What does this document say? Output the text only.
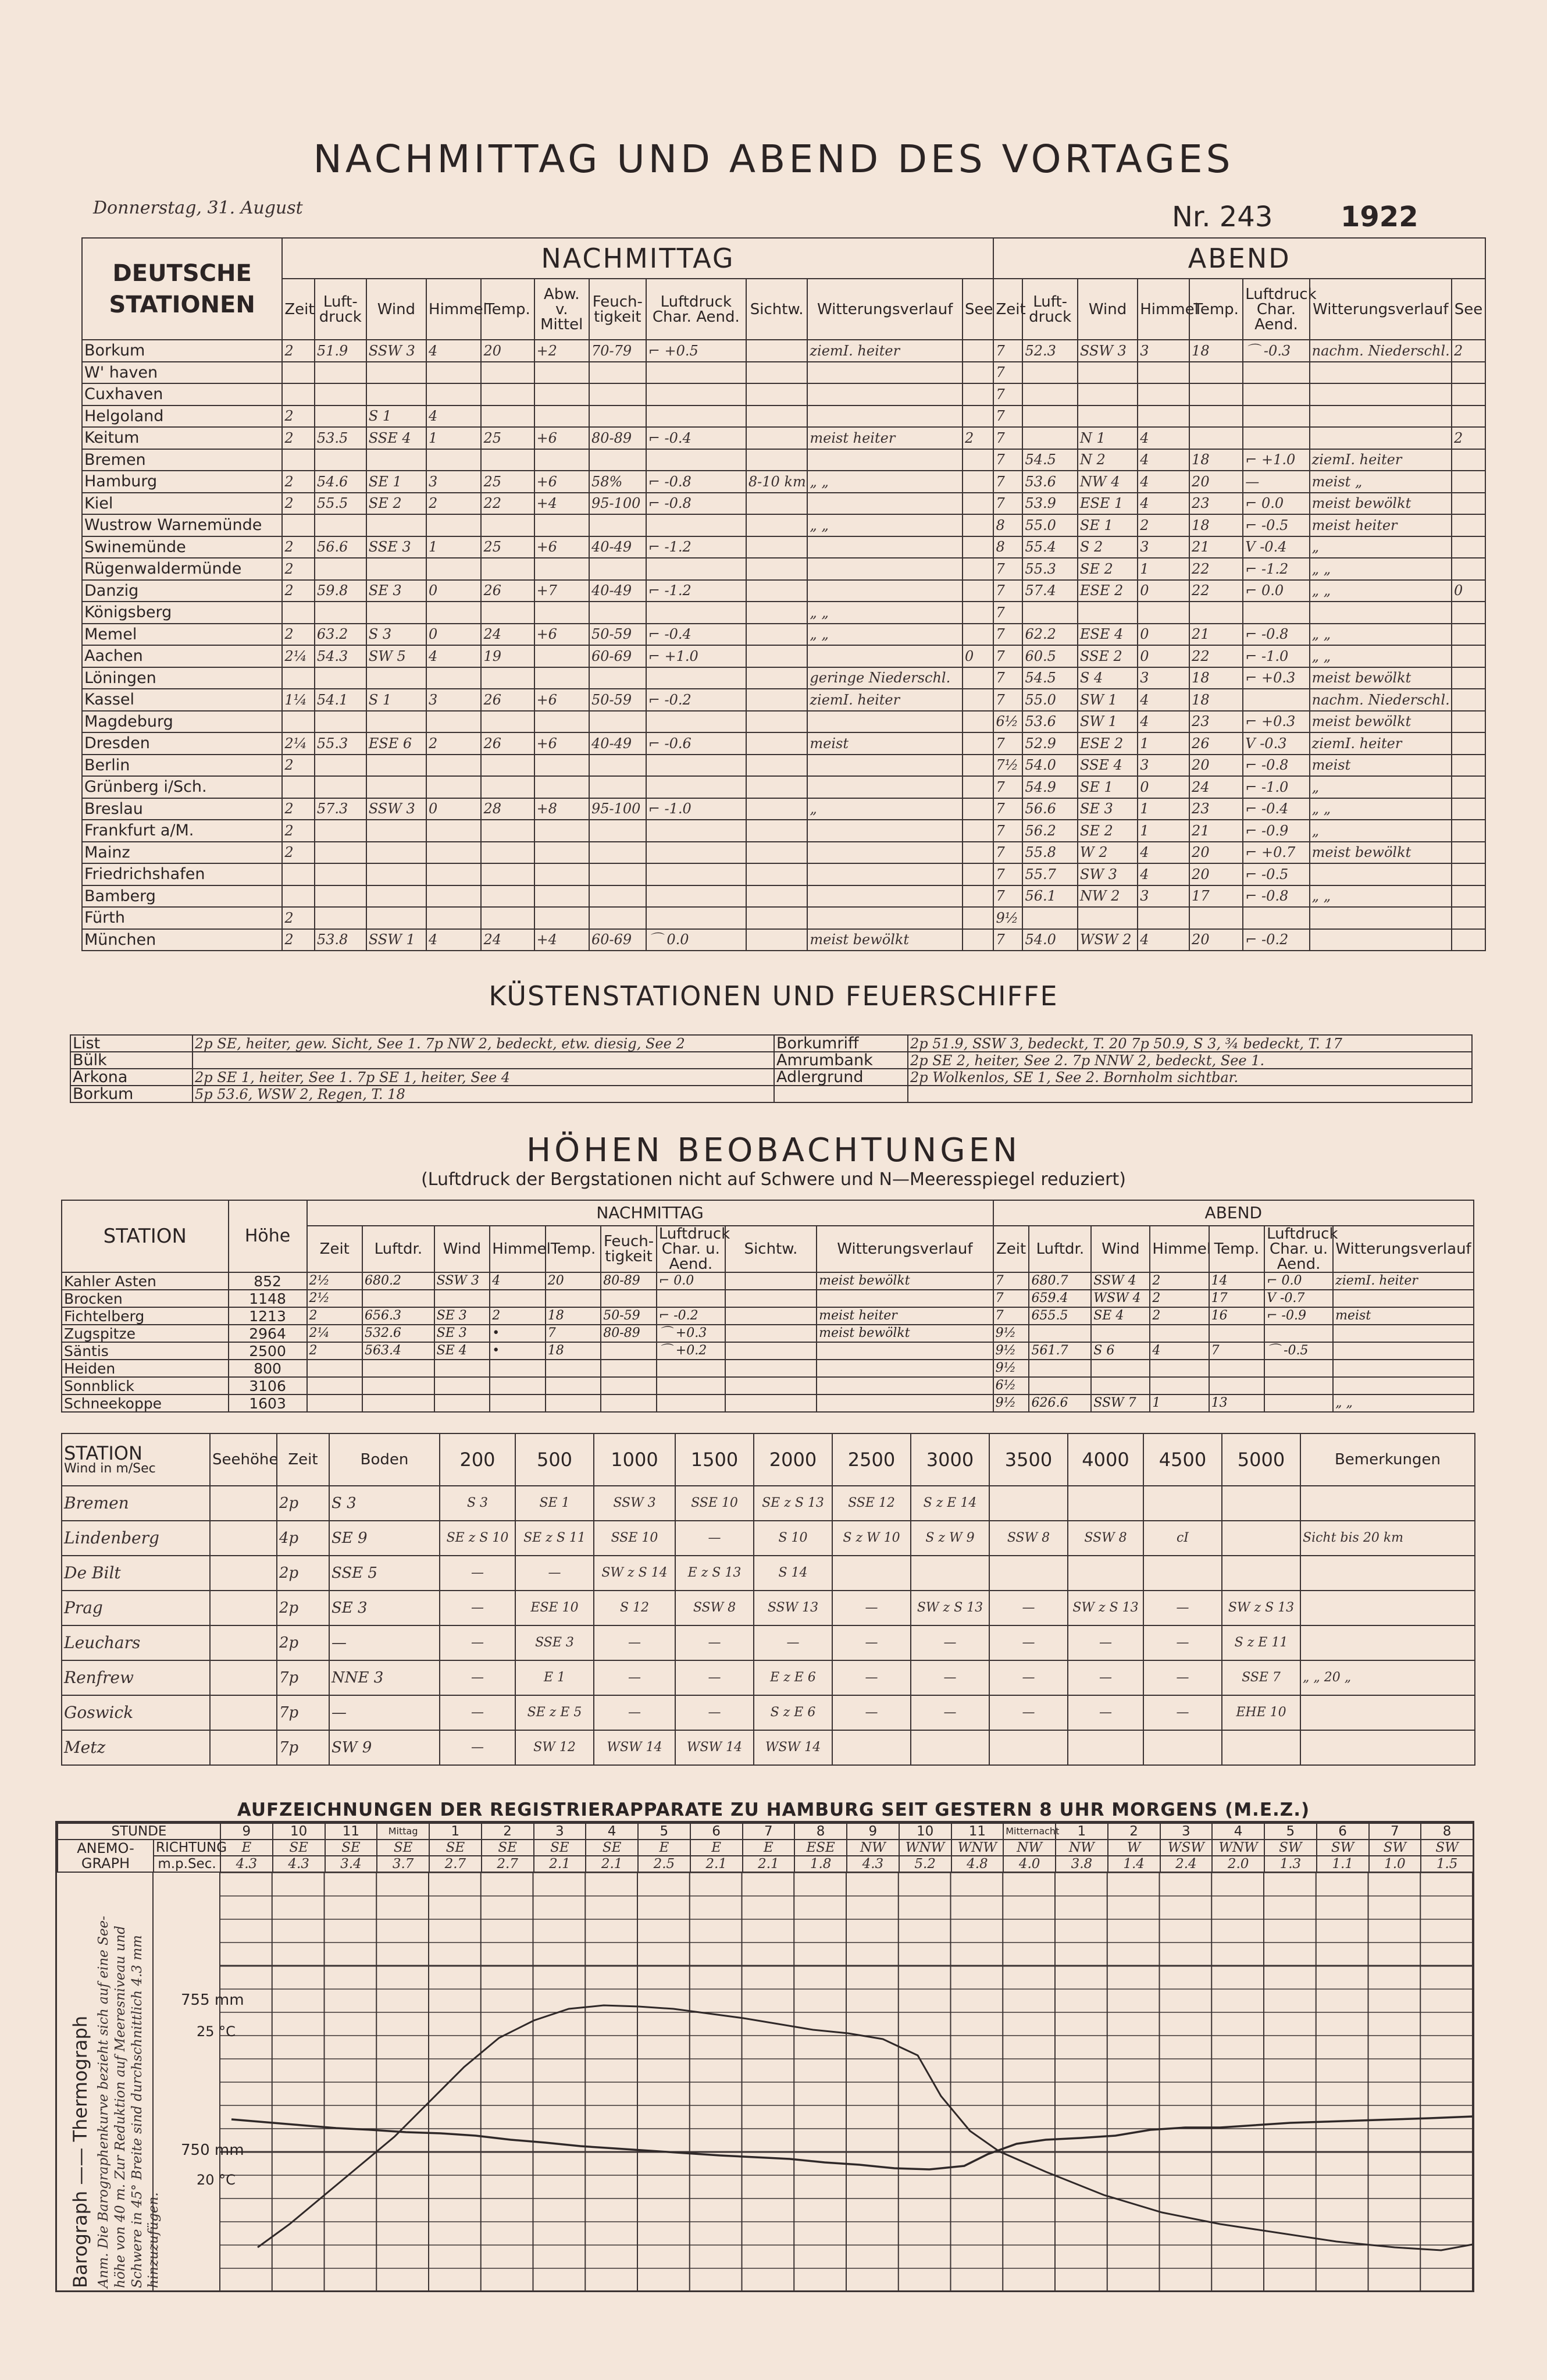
NACHMITTAG UND ABEND DES VORTAGES
Donnerstag, 31. August	Nr. 243 1922
DEUTSCHE
STATIONEN	NACHMITTAG											ABEND							
	Zeit	Luft-druck	Wind	Himmel	Temp.	Abw. v. Mittel	Feuch-tigkeit	Luftdruck Char. Aend.	Sichtw.	Witterungsverlauf	See	Zeit	Luft-druck	Wind	Himmel	Temp.	Luftdruck Char. Aend.	Witterungsverlauf	See
Borkum	2	51.9	SSW 3	4	20	+2	70-79	⌐ +0.5		ziemI. heiter		7	52.3	SSW 3	3	18	⌒ -0.3	nachm. Niederschl.	2
W' haven												7							
Cuxhaven												7							
Helgoland	2		S 1	4								7							
Keitum	2	53.5	SSE 4	1	25	+6	80-89	⌐ -0.4		meist heiter	2	7		N 1	4				2
Bremen												7	54.5	N 2	4	18	⌐ +1.0	ziemI. heiter	
Hamburg	2	54.6	SE 1	3	25	+6	58%	⌐ -0.8	8-10 km	„ „		7	53.6	NW 4	4	20	—	meist „	
Kiel	2	55.5	SE 2	2	22	+4	95-100	⌐ -0.8				7	53.9	ESE 1	4	23	⌐ 0.0	meist bewölkt	
Wustrow Warnemünde										„ „		8	55.0	SE 1	2	18	⌐ -0.5	meist heiter	
Swinemünde	2	56.6	SSE 3	1	25	+6	40-49	⌐ -1.2				8	55.4	S 2	3	21	V -0.4	„	
Rügenwaldermünde	2											7	55.3	SE 2	1	22	⌐ -1.2	„ „	
Danzig	2	59.8	SE 3	0	26	+7	40-49	⌐ -1.2				7	57.4	ESE 2	0	22	⌐ 0.0	„ „	0
Königsberg										„ „		7							
Memel	2	63.2	S 3	0	24	+6	50-59	⌐ -0.4		„ „		7	62.2	ESE 4	0	21	⌐ -0.8	„ „	
Aachen	2¼	54.3	SW 5	4	19		60-69	⌐ +1.0			0	7	60.5	SSE 2	0	22	⌐ -1.0	„ „	
Löningen										geringe Niederschl.		7	54.5	S 4	3	18	⌐ +0.3	meist bewölkt	
Kassel	1¼	54.1	S 1	3	26	+6	50-59	⌐ -0.2		ziemI. heiter		7	55.0	SW 1	4	18		nachm. Niederschl.	
Magdeburg												6½	53.6	SW 1	4	23	⌐ +0.3	meist bewölkt	
Dresden	2¼	55.3	ESE 6	2	26	+6	40-49	⌐ -0.6		meist		7	52.9	ESE 2	1	26	V -0.3	ziemI. heiter	
Berlin	2											7½	54.0	SSE 4	3	20	⌐ -0.8	meist	
Grünberg i/Sch.												7	54.9	SE 1	0	24	⌐ -1.0	„	
Breslau	2	57.3	SSW 3	0	28	+8	95-100	⌐ -1.0		„		7	56.6	SE 3	1	23	⌐ -0.4	„ „	
Frankfurt a/M.	2											7	56.2	SE 2	1	21	⌐ -0.9	„	
Mainz	2											7	55.8	W 2	4	20	⌐ +0.7	meist bewölkt	
Friedrichshafen												7	55.7	SW 3	4	20	⌐ -0.5		
Bamberg												7	56.1	NW 2	3	17	⌐ -0.8	„ „	
Fürth	2											9½							
München	2	53.8	SSW 1	4	24	+4	60-69	⌒ 0.0		meist bewölkt		7	54.0	WSW 2	4	20	⌐ -0.2		
KÜSTENSTATIONEN UND FEUERSCHIFFE
List	2p SE, heiter, gew. Sicht, See 1. 7p NW 2, bedeckt, etw. diesig, See 2	Borkumriff	2p 51.9, SSW 3, bedeckt, T. 20 7p 50.9, S 3, ¾ bedeckt, T. 17
Bülk		Amrumbank	2p SE 2, heiter, See 2. 7p NNW 2, bedeckt, See 1.
Arkona	2p SE 1, heiter, See 1. 7p SE 1, heiter, See 4	Adlergrund	2p Wolkenlos, SE 1, See 2. Bornholm sichtbar.
Borkum	5p 53.6, WSW 2, Regen, T. 18		
HÖHEN BEOBACHTUNGEN
(Luftdruck der Bergstationen nicht auf Schwere und N—Meeresspiegel reduziert)
STATION	Höhe	NACHMITTAG									ABEND						
		Zeit	Luftdr.	Wind	Himmel	Temp.	Feuch-tigkeit	Luftdruck Char. u. Aend.	Sichtw.	Witterungsverlauf	Zeit	Luftdr.	Wind	Himmel	Temp.	Luftdruck Char. u. Aend.	Witterungsverlauf
Kahler Asten	852	2½	680.2	SSW 3	4	20	80-89	⌐ 0.0		meist bewölkt	7	680.7	SSW 4	2	14	⌐ 0.0	ziemI. heiter
Brocken	1148	2½									7	659.4	WSW 4	2	17	V -0.7	
Fichtelberg	1213	2	656.3	SE 3	2	18	50-59	⌐ -0.2		meist heiter	7	655.5	SE 4	2	16	⌐ -0.9	meist
Zugspitze	2964	2¼	532.6	SE 3	•	7	80-89	⌒ +0.3		meist bewölkt	9½						
Säntis	2500	2	563.4	SE 4	•	18		⌒ +0.2			9½	561.7	S 6	4	7	⌒ -0.5	
Heiden	800										9½						
Sonnblick	3106										6½						
Schneekoppe	1603										9½	626.6	SSW 7	1	13		„ „
STATION
Wind in m/Sec	Seehöhe	Zeit	Boden	200	500	1000	1500	2000	2500	3000	3500	4000	4500	5000	Bemerkungen
Bremen		2p	S 3	S 3	SE 1	SSW 3	SSE 10	SE z S 13	SSE 12	S z E 14					
Lindenberg		4p	SE 9	SE z S 10	SE z S 11	SSE 10	—	S 10	S z W 10	S z W 9	SSW 8	SSW 8	cI		Sicht bis 20 km
De Bilt		2p	SSE 5	—	—	SW z S 14	E z S 13	S 14							
Prag		2p	SE 3	—	ESE 10	S 12	SSW 8	SSW 13	—	SW z S 13	—	SW z S 13	—	SW z S 13	
Leuchars		2p	—	—	SSE 3	—	—	—	—	—	—	—	—	S z E 11	
Renfrew		7p	NNE 3	—	E 1	—	—	E z E 6	—	—	—	—	—	SSE 7	„ „ 20 „
Goswick		7p	—	—	SE z E 5	—	—	S z E 6	—	—	—	—	—	EHE 10	
Metz		7p	SW 9	—	SW 12	WSW 14	WSW 14	WSW 14							
AUFZEICHNUNGEN DER REGISTRIERAPPARATE ZU HAMBURG SEIT GESTERN 8 UHR MORGENS (M.E.Z.)
STUNDE		9	10	11	Mittag	1	2	3	4	5	6	7	8	9	10	11	Mitternacht	1	2	3	4	5	6	7	8
ANEMO-
GRAPH	RICHTUNG	E	SE	SE	SE	SE	SE	SE	SE	E	E	E	ESE	NW	WNW	WNW	NW	NW	W	WSW	WNW	SW	SW	SW	SW
	m.p.Sec.	4.3	4.3	3.4	3.7	2.7	2.7	2.1	2.1	2.5	2.1	2.1	1.8	4.3	5.2	4.8	4.0	3.8	1.4	2.4	2.0	1.3	1.1	1.0	1.5
755 mm
25 °C
750 mm
20 °C
Barograph —— Thermograph Anm. Die Barographenkurve bezieht sich auf eine See- höhe von 40 m. Zur Reduktion auf Meeresniveau und Schwere in 45° Breite sind durchschnittlich 4.3 mm hinzuzufügen.
